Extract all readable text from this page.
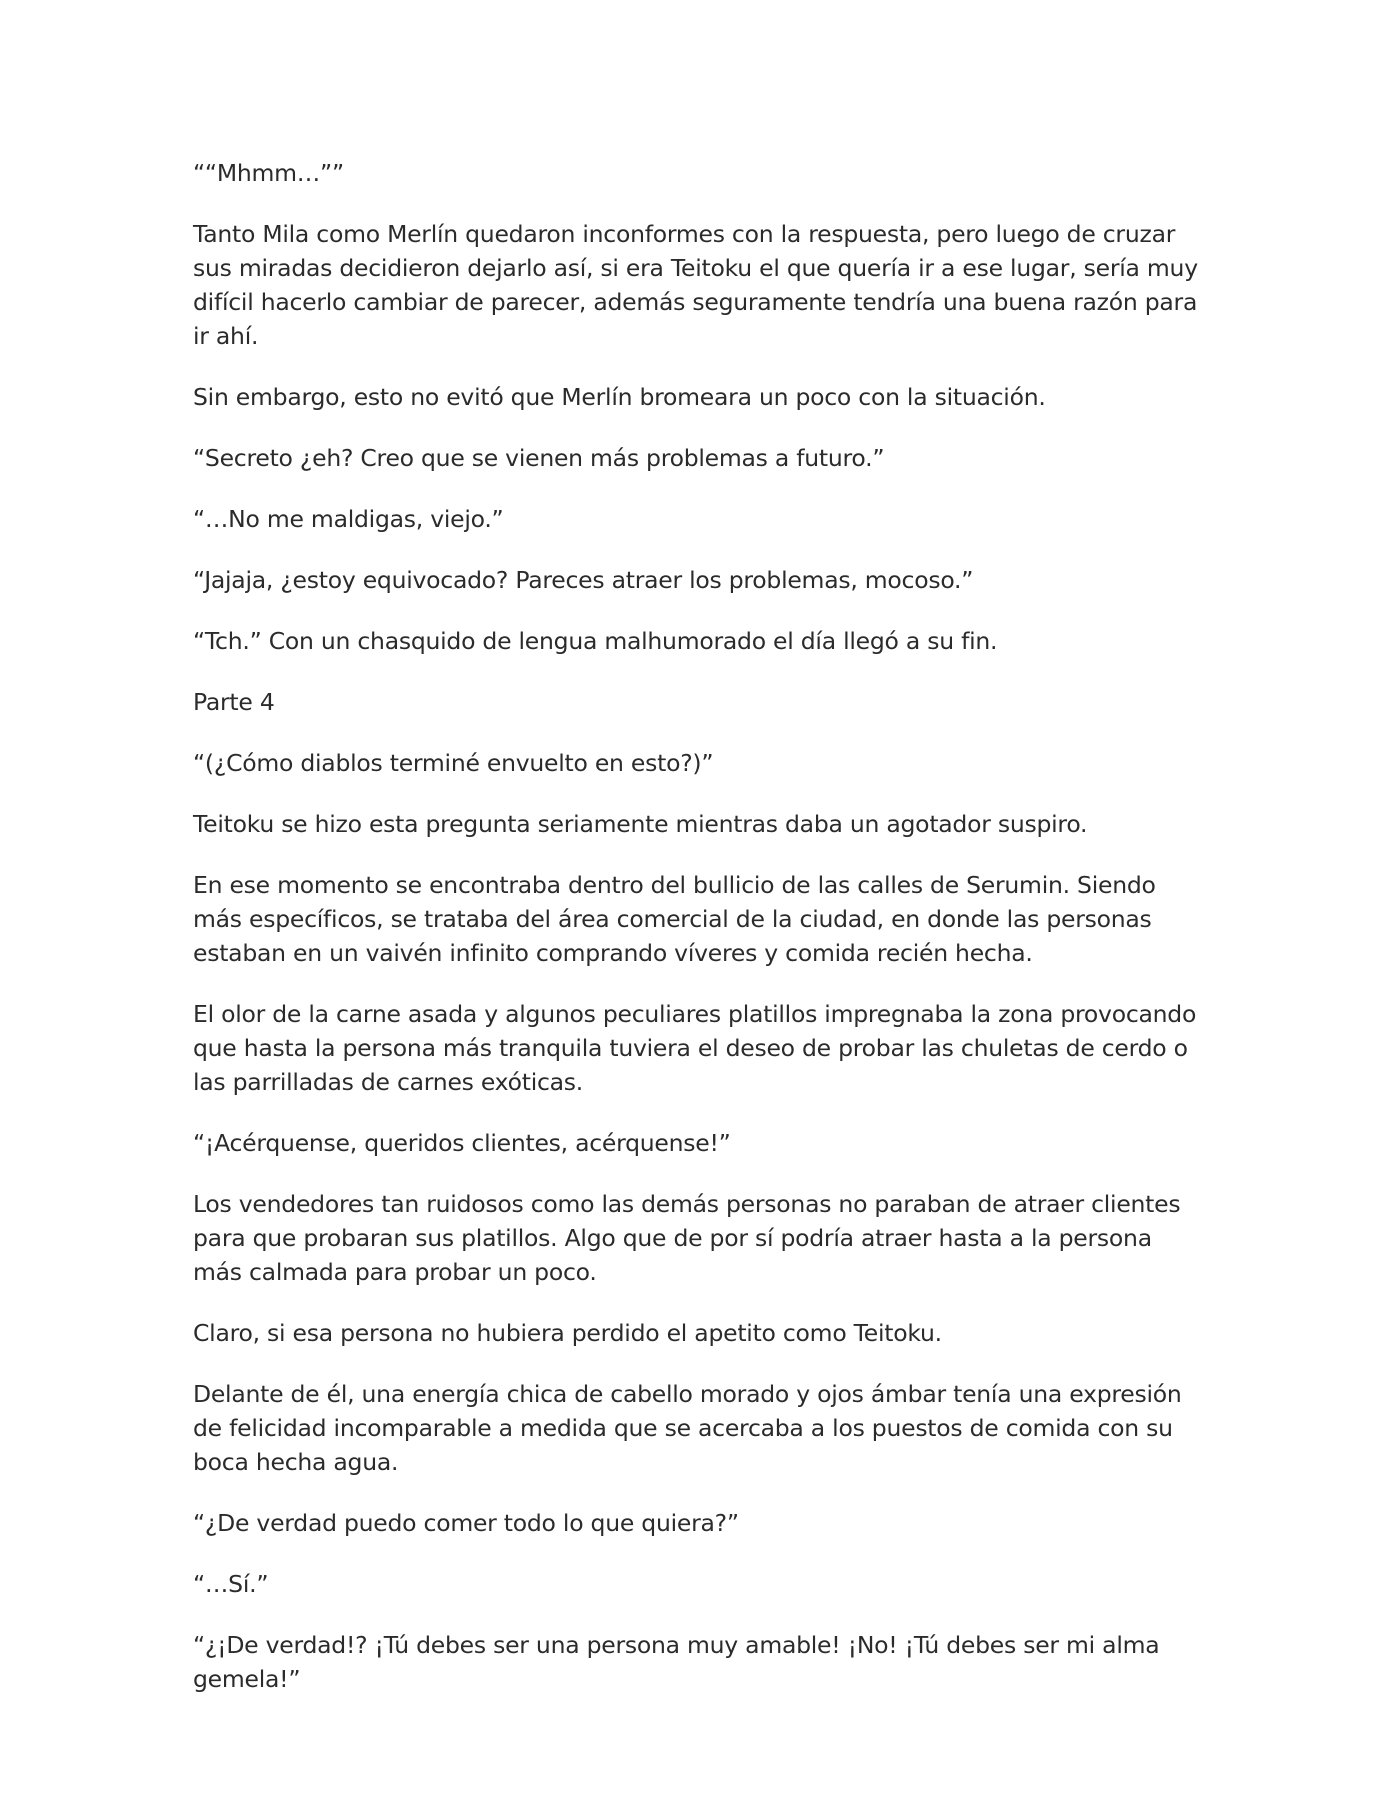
““Mhmm…””

Tanto Mila como Merlín quedaron inconformes con la respuesta, pero luego de cruzar sus miradas decidieron dejarlo así, si era Teitoku el que quería ir a ese lugar, sería muy difícil hacerlo cambiar de parecer, además seguramente tendría una buena razón para ir ahí.

Sin embargo, esto no evitó que Merlín bromeara un poco con la situación.

“Secreto ¿eh? Creo que se vienen más problemas a futuro.”

“…No me maldigas, viejo.”

“Jajaja, ¿estoy equivocado? Pareces atraer los problemas, mocoso.”

“Tch.” Con un chasquido de lengua malhumorado el día llegó a su fin.

Parte 4

“(¿Cómo diablos terminé envuelto en esto?)”

Teitoku se hizo esta pregunta seriamente mientras daba un agotador suspiro.

En ese momento se encontraba dentro del bullicio de las calles de Serumin. Siendo más específicos, se trataba del área comercial de la ciudad, en donde las personas estaban en un vaivén infinito comprando víveres y comida recién hecha.

El olor de la carne asada y algunos peculiares platillos impregnaba la zona provocando que hasta la persona más tranquila tuviera el deseo de probar las chuletas de cerdo o las parrilladas de carnes exóticas.

“¡Acérquense, queridos clientes, acérquense!”

Los vendedores tan ruidosos como las demás personas no paraban de atraer clientes para que probaran sus platillos. Algo que de por sí podría atraer hasta a la persona más calmada para probar un poco.

Claro, si esa persona no hubiera perdido el apetito como Teitoku.

Delante de él, una energía chica de cabello morado y ojos ámbar tenía una expresión de felicidad incomparable a medida que se acercaba a los puestos de comida con su boca hecha agua.

“¿De verdad puedo comer todo lo que quiera?”

“…Sí.”

“¿¡De verdad!? ¡Tú debes ser una persona muy amable! ¡No! ¡Tú debes ser mi alma gemela!”
